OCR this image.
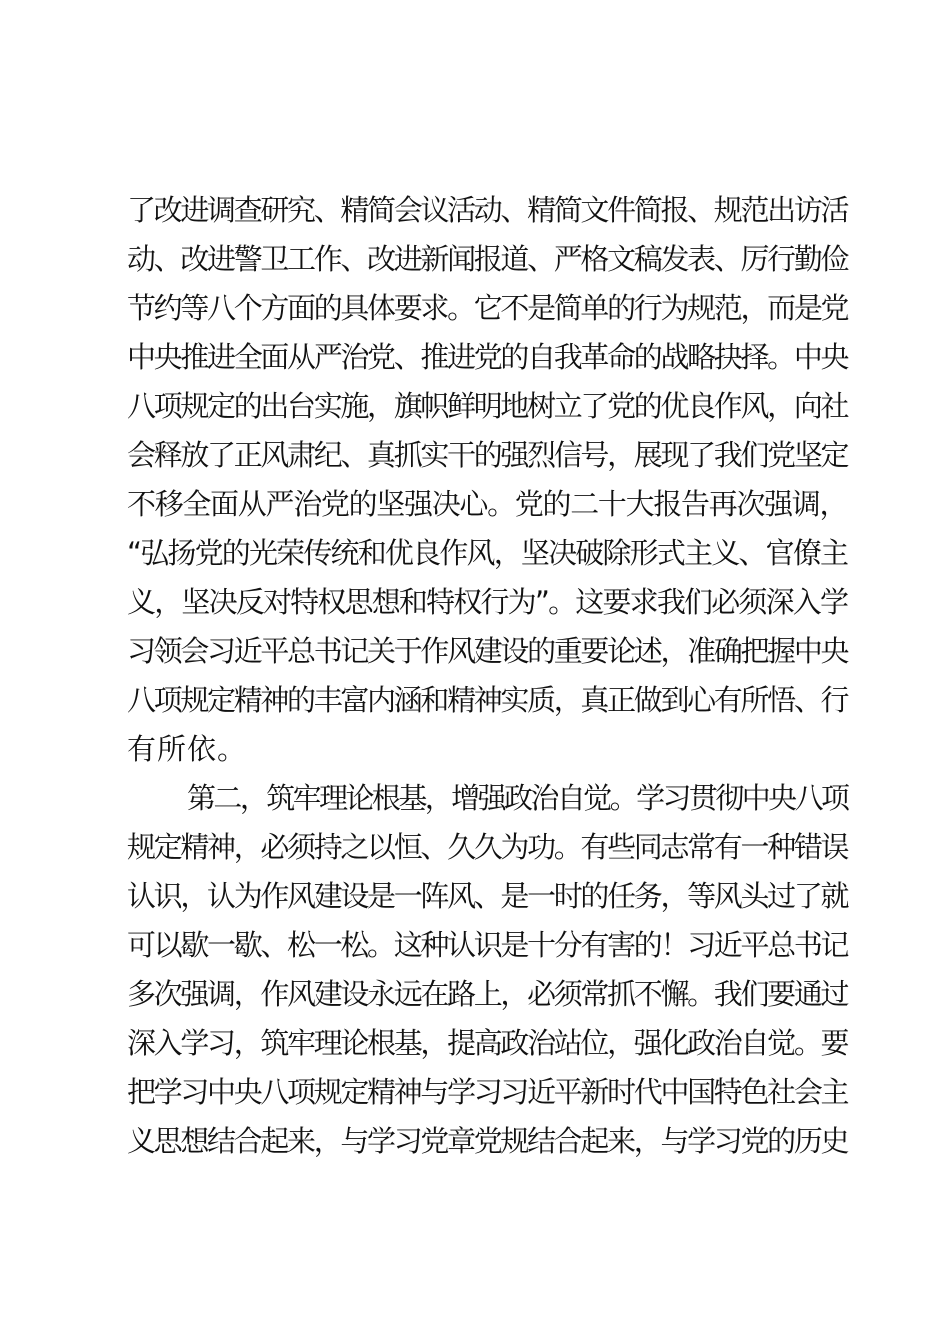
了改进调查研究、精简会议活动、精简文件简报、规范出访活
动、改进警卫工作、改进新闻报道、严格文稿发表、厉行勤俭
节约等八个方面的具体要求。它不是简单的行为规范，而是党
中央推进全面从严治党、推进党的自我革命的战略抉择。中央
八项规定的出台实施，旗帜鲜明地树立了党的优良作风，向社
会释放了正风肃纪、真抓实干的强烈信号，展现了我们党坚定
不移全面从严治党的坚强决心。党的二十大报告再次强调，
“弘扬党的光荣传统和优良作风，坚决破除形式主义、官僚主
义，坚决反对特权思想和特权行为”。这要求我们必须深入学
习领会习近平总书记关于作风建设的重要论述，准确把握中央
八项规定精神的丰富内涵和精神实质，真正做到心有所悟、行
有所依。
第二，筑牢理论根基，增强政治自觉。学习贯彻中央八项
规定精神，必须持之以恒、久久为功。有些同志常有一种错误
认识，认为作风建设是一阵风、是一时的任务，等风头过了就
可以歇一歇、松一松。这种认识是十分有害的！习近平总书记
多次强调，作风建设永远在路上，必须常抓不懈。我们要通过
深入学习，筑牢理论根基，提高政治站位，强化政治自觉。要
把学习中央八项规定精神与学习习近平新时代中国特色社会主
义思想结合起来，与学习党章党规结合起来，与学习党的历史
